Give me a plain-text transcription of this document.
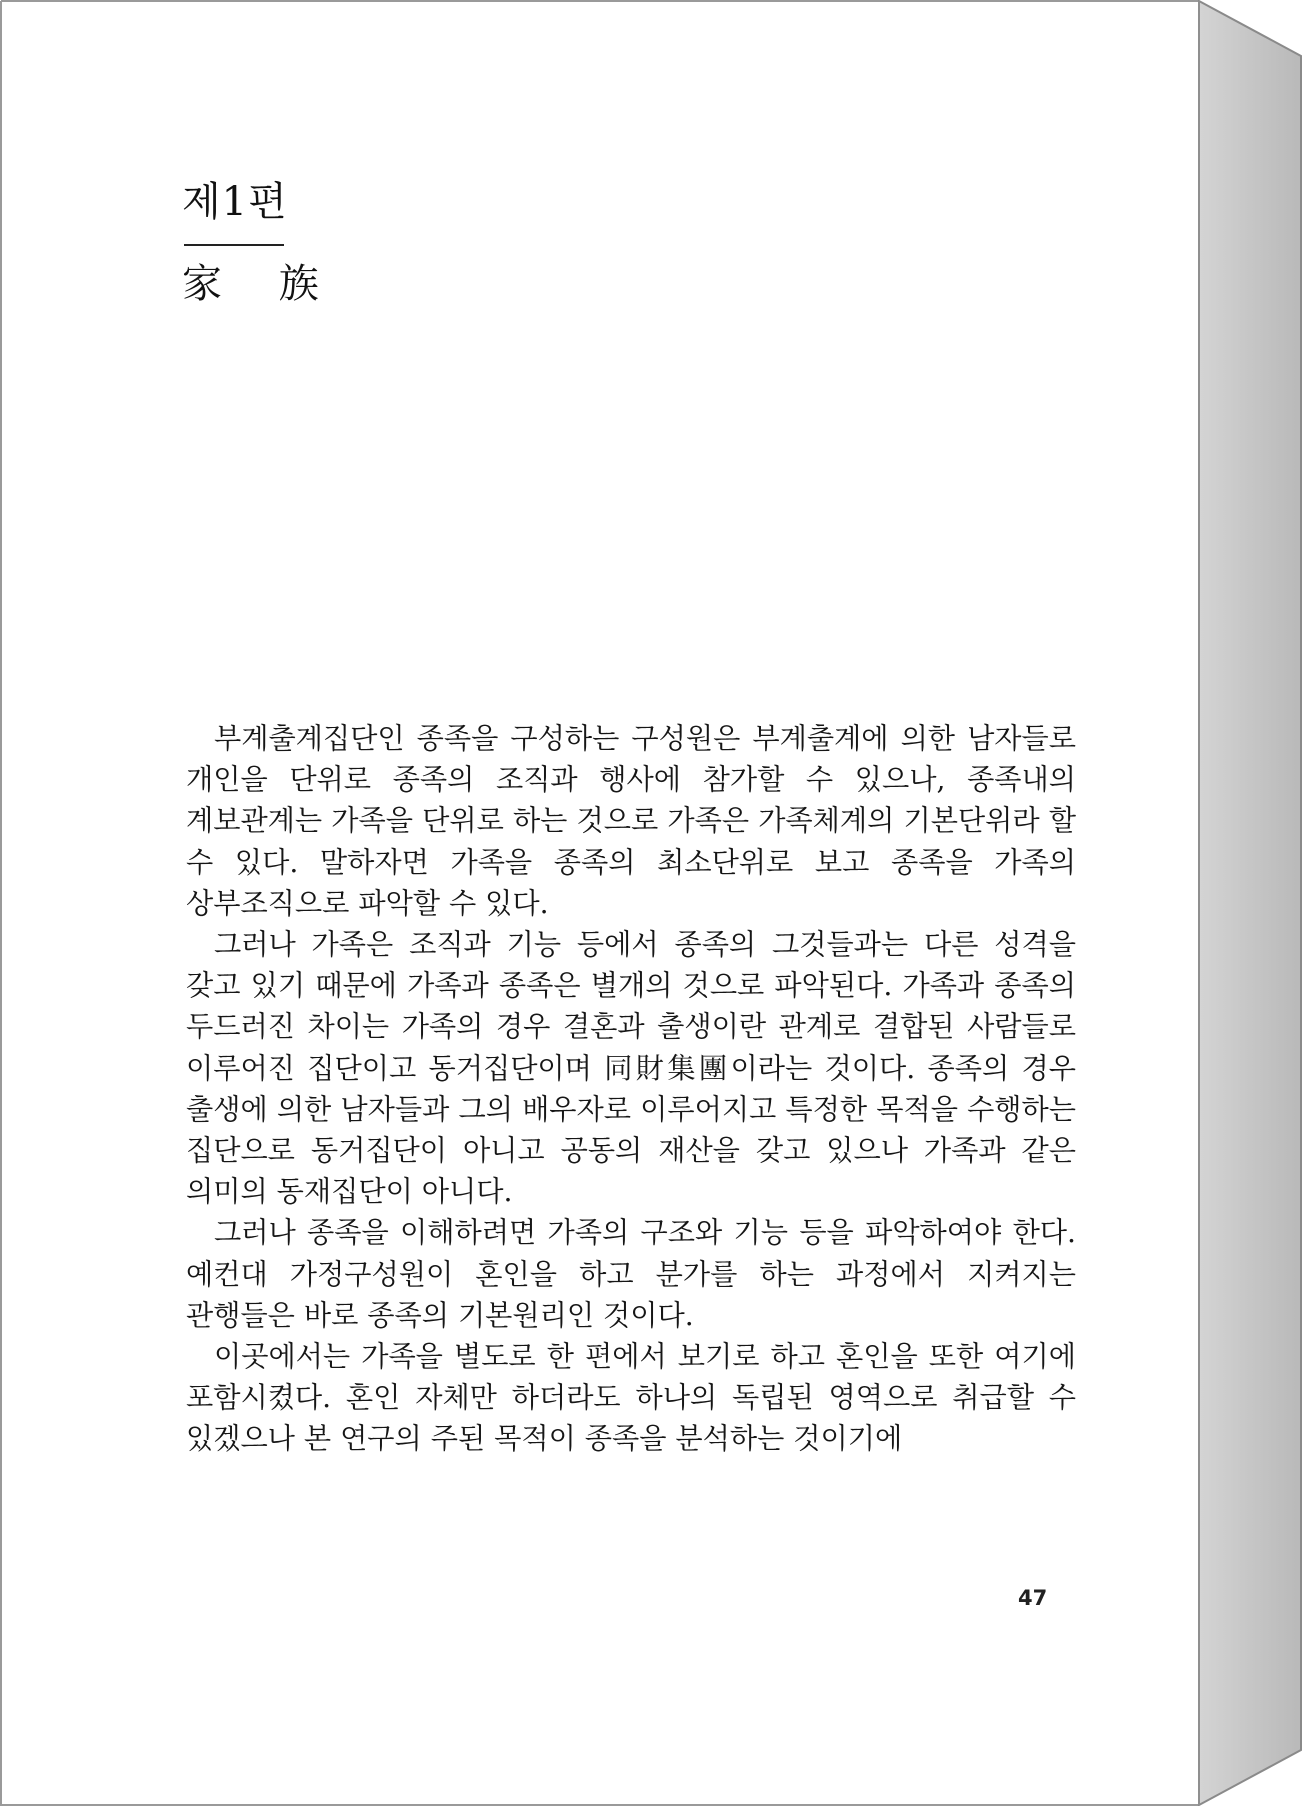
제1편
家 族

부계출계집단인 종족을 구성하는 구성원은 부계출계에 의한 남자들로 개인을 단위로 종족의 조직과 행사에 참가할 수 있으나, 종족내의 계보관계는 가족을 단위로 하는 것으로 가족은 가족체계의 기본단위라 할 수 있다. 말하자면 가족을 종족의 최소단위로 보고 종족을 가족의 상부조직으로 파악할 수 있다.

그러나 가족은 조직과 기능 등에서 종족의 그것들과는 다른 성격을 갖고 있기 때문에 가족과 종족은 별개의 것으로 파악된다. 가족과 종족의 두드러진 차이는 가족의 경우 결혼과 출생이란 관계로 결합된 사람들로 이루어진 집단이고 동거집단이며 同財集團이라는 것이다. 종족의 경우 출생에 의한 남자들과 그의 배우자로 이루어지고 특정한 목적을 수행하는 집단으로 동거집단이 아니고 공동의 재산을 갖고 있으나 가족과 같은 의미의 동재집단이 아니다.

그러나 종족을 이해하려면 가족의 구조와 기능 등을 파악하여야 한다. 예컨대 가정구성원이 혼인을 하고 분가를 하는 과정에서 지켜지는 관행들은 바로 종족의 기본원리인 것이다.

이곳에서는 가족을 별도로 한 편에서 보기로 하고 혼인을 또한 여기에 포함시켰다. 혼인 자체만 하더라도 하나의 독립된 영역으로 취급할 수 있겠으나 본 연구의 주된 목적이 종족을 분석하는 것이기에

47
